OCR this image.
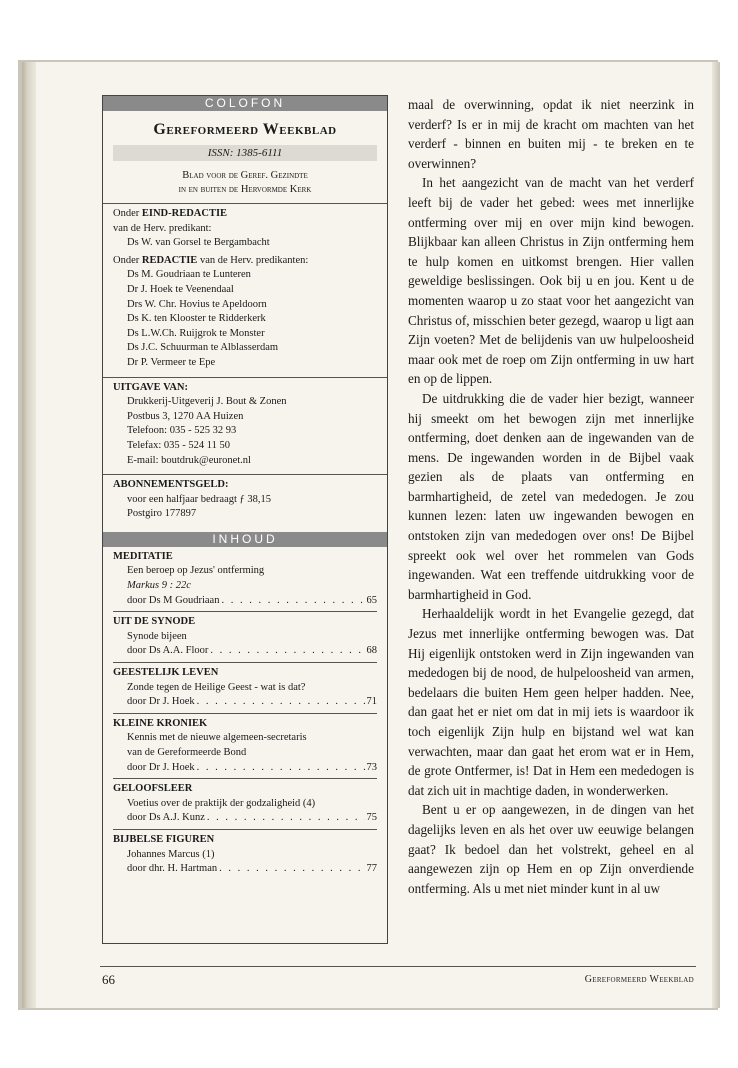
COLOFON
Gereformeerd Weekblad
ISSN: 1385-6111
Blad voor de Geref. Gezindte
in en buiten de Hervormde Kerk
Onder EIND-REDACTIE
van de Herv. predikant:
Ds W. van Gorsel te Bergambacht
Onder REDACTIE van de Herv. predikanten:
Ds M. Goudriaan te Lunteren
Dr J. Hoek te Veenendaal
Drs W. Chr. Hovius te Apeldoorn
Ds K. ten Klooster te Ridderkerk
Ds L.W.Ch. Ruijgrok te Monster
Ds J.C. Schuurman te Alblasserdam
Dr P. Vermeer te Epe
UITGAVE VAN:
Drukkerij-Uitgeverij J. Bout & Zonen
Postbus 3, 1270 AA Huizen
Telefoon: 035 - 525 32 93
Telefax: 035 - 524 11 50
E-mail: boutdruk@euronet.nl
ABONNEMENTSGELD:
voor een halfjaar bedraagt ƒ 38,15
Postgiro 177897
INHOUD
MEDITATIE
Een beroep op Jezus' ontferming
Markus 9 : 22c
door Ds M Goudriaan . . .	65
UIT DE SYNODE
Synode bijeen
door Ds A.A. Floor . . .	68
GEESTELIJK LEVEN
Zonde tegen de Heilige Geest - wat is dat?
door Dr J. Hoek . . .	71
KLEINE KRONIEK
Kennis met de nieuwe algemeen-secretaris
van de Gereformeerde Bond
door Dr J. Hoek . . .	73
GELOOFSLEER
Voetius over de praktijk der godzaligheid (4)
door Ds A.J. Kunz . . .	75
BIJBELSE FIGUREN
Johannes Marcus (1)
door dhr. H. Hartman . . .	77

maal de overwinning, opdat ik niet neerzink in verderf? Is er in mij de kracht om machten van het verderf - binnen en buiten mij - te breken en te overwinnen?

In het aangezicht van de macht van het verderf leeft bij de vader het gebed: wees met innerlijke ontferming over mij en over mijn kind bewogen. Blijkbaar kan alleen Christus in Zijn ontferming hem te hulp komen en uitkomst brengen. Hier vallen geweldige beslissingen. Ook bij u en jou. Kent u de momenten waarop u zo staat voor het aangezicht van Christus of, misschien beter gezegd, waarop u ligt aan Zijn voeten? Met de belijdenis van uw hulpeloosheid maar ook met de roep om Zijn ontferming in uw hart en op de lippen.

De uitdrukking die de vader hier bezigt, wanneer hij smeekt om het bewogen zijn met innerlijke ontferming, doet denken aan de ingewanden van de mens. De ingewanden worden in de Bijbel vaak gezien als de plaats van ontferming en barmhartigheid, de zetel van mededogen. Je zou kunnen lezen: laten uw ingewanden bewogen en ontstoken zijn van mededogen over ons! De Bijbel spreekt ook wel over het rommelen van Gods ingewanden. Wat een treffende uitdrukking voor de barmhartigheid in God.

Herhaaldelijk wordt in het Evangelie gezegd, dat Jezus met innerlijke ontferming bewogen was. Dat Hij eigenlijk ontstoken werd in Zijn ingewanden van mededogen bij de nood, de hulpeloosheid van armen, bedelaars die buiten Hem geen helper hadden. Nee, dan gaat het er niet om dat in mij iets is waardoor ik toch eigenlijk Zijn hulp en bijstand wel wat kan verwachten, maar dan gaat het erom wat er in Hem, de grote Ontfermer, is! Dat in Hem een mededogen is dat zich uit in machtige daden, in wonderwerken.

Bent u er op aangewezen, in de dingen van het dagelijks leven en als het over uw eeuwige belangen gaat? Ik bedoel dan het volstrekt, geheel en al aangewezen zijn op Hem en op Zijn onverdiende ontferming. Als u met niet minder kunt in al uw

66	Gereformeerd Weekblad
